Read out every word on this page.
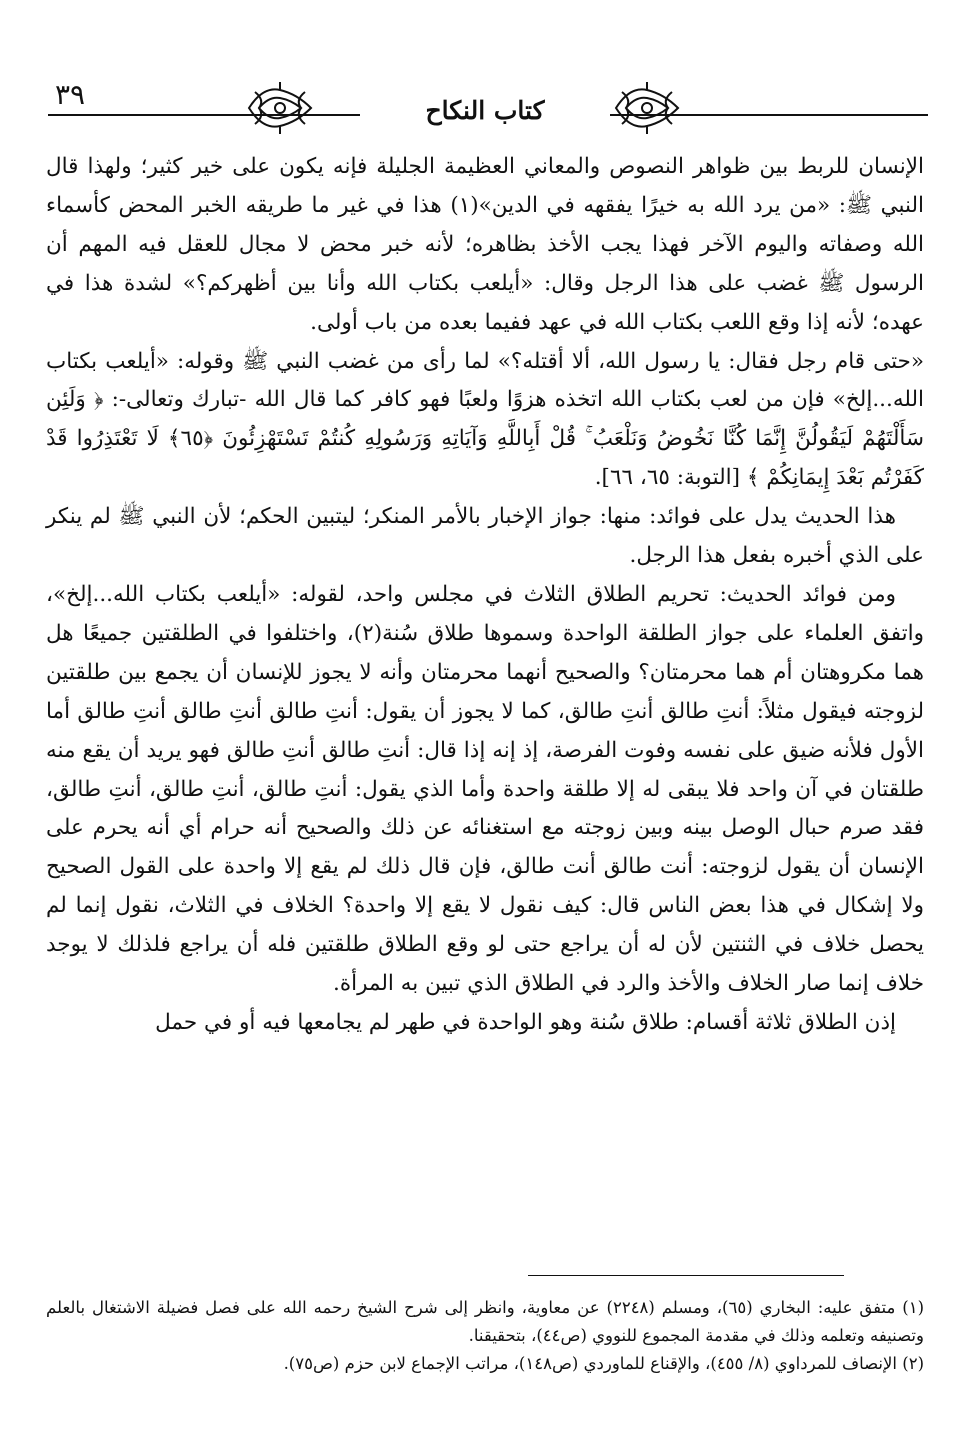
٣٩	كتاب النكاح

الإنسان للربط بين ظواهر النصوص والمعاني العظيمة الجليلة فإنه يكون على خير كثير؛ ولهذا قال النبي ﷺ: «من يرد الله به خيرًا يفقهه في الدين»(١) هذا في غير ما طريقه الخبر المحض كأسماء الله وصفاته واليوم الآخر فهذا يجب الأخذ بظاهره؛ لأنه خبر محض لا مجال للعقل فيه المهم أن الرسول ﷺ غضب على هذا الرجل وقال: «أيلعب بكتاب الله وأنا بين أظهركم؟» لشدة هذا في عهده؛ لأنه إذا وقع اللعب بكتاب الله في عهد ففيما بعده من باب أولى.

«حتى قام رجل فقال: يا رسول الله، ألا أقتله؟» لما رأى من غضب النبي ﷺ وقوله: «أيلعب بكتاب الله...إلخ» فإن من لعب بكتاب الله اتخذه هزوًا ولعبًا فهو كافر كما قال الله -تبارك وتعالى-: ﴿ وَلَئِن سَأَلْتَهُمْ لَيَقُولُنَّ إِنَّمَا كُنَّا نَخُوضُ وَنَلْعَبُ ۚ قُلْ أَبِاللَّهِ وَآيَاتِهِ وَرَسُولِهِ كُنتُمْ تَسْتَهْزِئُونَ ﴿٦٥﴾ لَا تَعْتَذِرُوا قَدْ كَفَرْتُم بَعْدَ إِيمَانِكُمْ ﴾ [التوبة: ٦٥، ٦٦].

هذا الحديث يدل على فوائد: منها: جواز الإخبار بالأمر المنكر؛ ليتبين الحكم؛ لأن النبي ﷺ لم ينكر على الذي أخبره بفعل هذا الرجل.

ومن فوائد الحديث: تحريم الطلاق الثلاث في مجلس واحد، لقوله: «أيلعب بكتاب الله...إلخ»، واتفق العلماء على جواز الطلقة الواحدة وسموها طلاق سُنة(٢)، واختلفوا في الطلقتين جميعًا هل هما مكروهتان أم هما محرمتان؟ والصحيح أنهما محرمتان وأنه لا يجوز للإنسان أن يجمع بين طلقتين لزوجته فيقول مثلاً: أنتِ طالق أنتِ طالق، كما لا يجوز أن يقول: أنتِ طالق أنتِ طالق أنتِ طالق أما الأول فلأنه ضيق على نفسه وفوت الفرصة، إذ إنه إذا قال: أنتِ طالق أنتِ طالق فهو يريد أن يقع منه طلقتان في آن واحد فلا يبقى له إلا طلقة واحدة وأما الذي يقول: أنتِ طالق، أنتِ طالق، أنتِ طالق، فقد صرم حبال الوصل بينه وبين زوجته مع استغنائه عن ذلك والصحيح أنه حرام أي أنه يحرم على الإنسان أن يقول لزوجته: أنت طالق أنت طالق، فإن قال ذلك لم يقع إلا واحدة على القول الصحيح ولا إشكال في هذا بعض الناس قال: كيف نقول لا يقع إلا واحدة؟ الخلاف في الثلاث، نقول إنما لم يحصل خلاف في الثنتين لأن له أن يراجع حتى لو وقع الطلاق طلقتين فله أن يراجع فلذلك لا يوجد خلاف إنما صار الخلاف والأخذ والرد في الطلاق الذي تبين به المرأة.

إذن الطلاق ثلاثة أقسام: طلاق سُنة وهو الواحدة في طهر لم يجامعها فيه أو في حمل

(١) متفق عليه: البخاري (٦٥)، ومسلم (٢٢٤٨) عن معاوية، وانظر إلى شرح الشيخ رحمه الله على فصل فضيلة الاشتغال بالعلم وتصنيفه وتعلمه وذلك في مقدمة المجموع للنووي (ص٤٤)، بتحقيقنا.

(٢) الإنصاف للمرداوي (٨/ ٤٥٥)، والإقناع للماوردي (ص١٤٨)، مراتب الإجماع لابن حزم (ص٧٥).
